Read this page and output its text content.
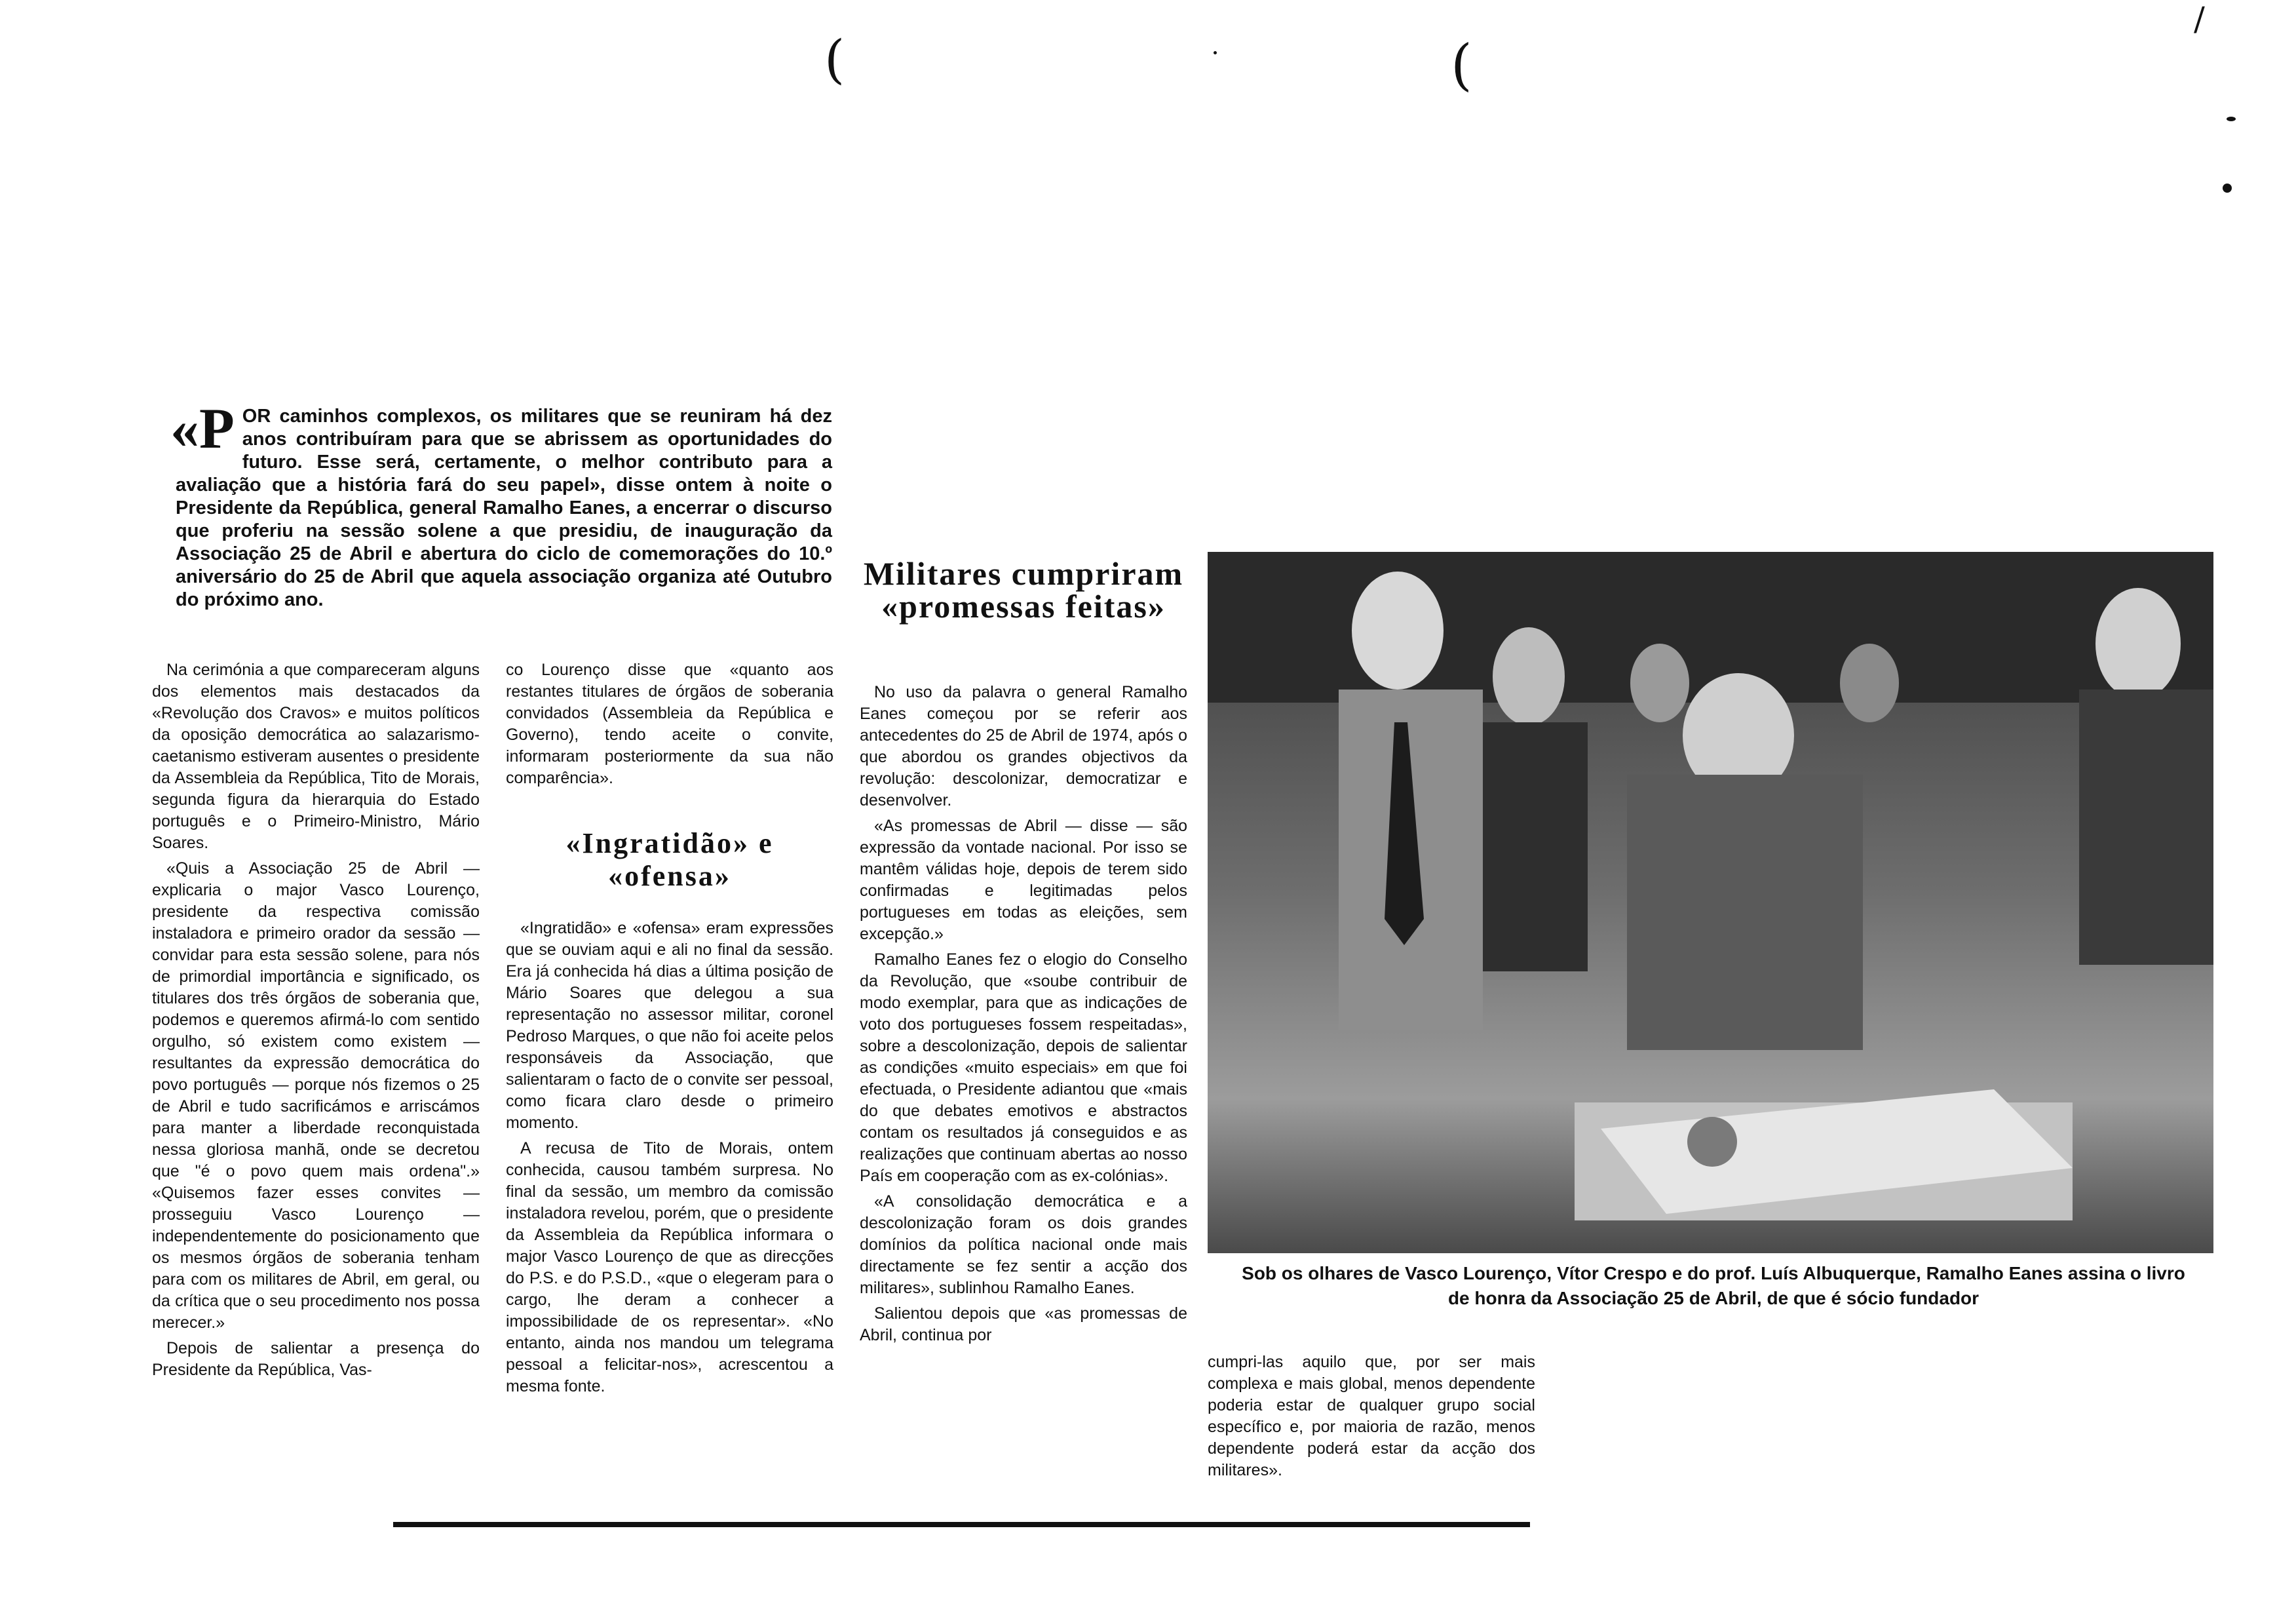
(	(
/
«P OR caminhos complexos, os militares que se reuniram há dez anos contribuíram para que se abrissem as oportunidades do futuro. Esse será, certamente, o melhor contributo para a avaliação que a história fará do seu papel», disse ontem à noite o Presidente da República, general Ramalho Eanes, a encerrar o discurso que proferiu na sessão solene a que presidiu, de inauguração da Associação 25 de Abril e abertura do ciclo de comemorações do 10.º aniversário do 25 de Abril que aquela associação organiza até Outubro do próximo ano.

Na cerimónia a que compareceram alguns dos elementos mais destacados da «Revolução dos Cravos» e muitos políticos da oposição democrática ao salazarismo-caetanismo estiveram ausentes o presidente da Assembleia da República, Tito de Morais, segunda figura da hierarquia do Estado português e o Primeiro-Ministro, Mário Soares.

«Quis a Associação 25 de Abril — explicaria o major Vasco Lourenço, presidente da respectiva comissão instaladora e primeiro orador da sessão — convidar para esta sessão solene, para nós de primordial importância e significado, os titulares dos três órgãos de soberania que, podemos e queremos afirmá-lo com sentido orgulho, só existem como existem — resultantes da expressão democrática do povo português — porque nós fizemos o 25 de Abril e tudo sacrificámos e arriscámos para manter a liberdade reconquistada nessa gloriosa manhã, onde se decretou que "é o povo quem mais ordena".» «Quisemos fazer esses convites — prosseguiu Vasco Lourenço — independentemente do posicionamento que os mesmos órgãos de soberania tenham para com os militares de Abril, em geral, ou da crítica que o seu procedimento nos possa merecer.»

Depois de salientar a presença do Presidente da República, Vas-

co Lourenço disse que «quanto aos restantes titulares de órgãos de soberania convidados (Assembleia da República e Governo), tendo aceite o convite, informaram posteriormente da sua não comparência».

«Ingratidão» e «ofensa»

«Ingratidão» e «ofensa» eram expressões que se ouviam aqui e ali no final da sessão. Era já conhecida há dias a última posição de Mário Soares que delegou a sua representação no assessor militar, coronel Pedroso Marques, o que não foi aceite pelos responsáveis da Associação, que salientaram o facto de o convite ser pessoal, como ficara claro desde o primeiro momento.

A recusa de Tito de Morais, ontem conhecida, causou também surpresa. No final da sessão, um membro da comissão instaladora revelou, porém, que o presidente da Assembleia da República informara o major Vasco Lourenço de que as direcções do P.S. e do P.S.D., «que o elegeram para o cargo, lhe deram a conhecer a impossibilidade de os representar». «No entanto, ainda nos mandou um telegrama pessoal a felicitar-nos», acrescentou a mesma fonte.

Militares cumpriram «promessas feitas»

No uso da palavra o general Ramalho Eanes começou por se referir aos antecedentes do 25 de Abril de 1974, após o que abordou os grandes objectivos da revolução: descolonizar, democratizar e desenvolver.

«As promessas de Abril — disse — são expressão da vontade nacional. Por isso se mantêm válidas hoje, depois de terem sido confirmadas e legitimadas pelos portugueses em todas as eleições, sem excepção.»

Ramalho Eanes fez o elogio do Conselho da Revolução, que «soube contribuir de modo exemplar, para que as indicações de voto dos portugueses fossem respeitadas», sobre a descolonização, depois de salientar as condições «muito especiais» em que foi efectuada, o Presidente adiantou que «mais do que debates emotivos e abstractos contam os resultados já conseguidos e as realizações que continuam abertas ao nosso País em cooperação com as ex-colónias».

«A consolidação democrática e a descolonização foram os dois grandes domínios da política nacional onde mais directamente se fez sentir a acção dos militares», sublinhou Ramalho Eanes.

Salientou depois que «as promessas de Abril, continua por

Sob os olhares de Vasco Lourenço, Vítor Crespo e do prof. Luís Albuquerque, Ramalho Eanes assina o livro de honra da Associação 25 de Abril, de que é sócio fundador

cumpri-las aquilo que, por ser mais complexa e mais global, menos dependente poderia estar de qualquer grupo social específico e, por maioria de razão, menos dependente poderá estar da acção dos militares».
